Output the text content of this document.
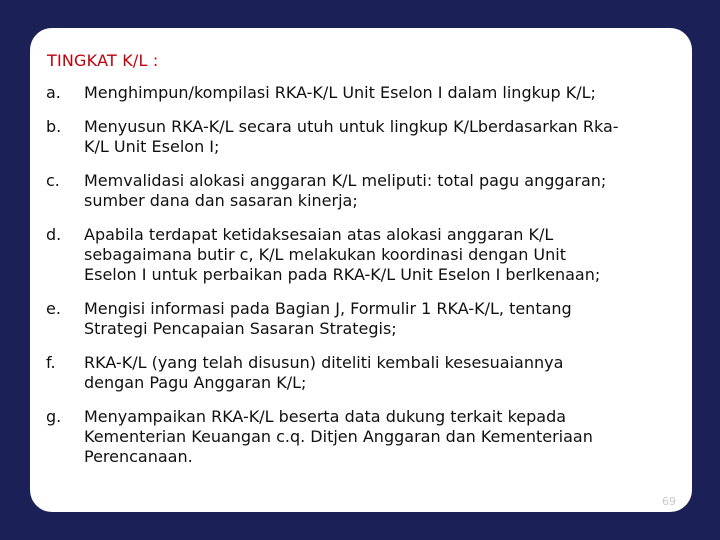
TINGKAT K/L :
a.	Menghimpun/kompilasi RKA-K/L Unit Eselon I dalam lingkup K/L;
b.	Menyusun RKA-K/L secara utuh untuk lingkup K/Lberdasarkan Rka-
K/L Unit Eselon I;
c.	Memvalidasi alokasi anggaran K/L meliputi: total pagu anggaran;
sumber dana dan sasaran kinerja;
d.	Apabila terdapat ketidaksesaian atas alokasi anggaran K/L
sebagaimana butir c, K/L melakukan koordinasi dengan Unit
Eselon I untuk perbaikan pada RKA-K/L Unit Eselon I berlkenaan;
e.	Mengisi informasi pada Bagian J, Formulir 1 RKA-K/L, tentang
Strategi Pencapaian Sasaran Strategis;
f.	RKA-K/L (yang telah disusun) diteliti kembali kesesuaiannya
dengan Pagu Anggaran K/L;
g.	Menyampaikan RKA-K/L beserta data dukung terkait kepada
Kementerian Keuangan c.q. Ditjen Anggaran dan Kementeriaan
Perencanaan.
69
